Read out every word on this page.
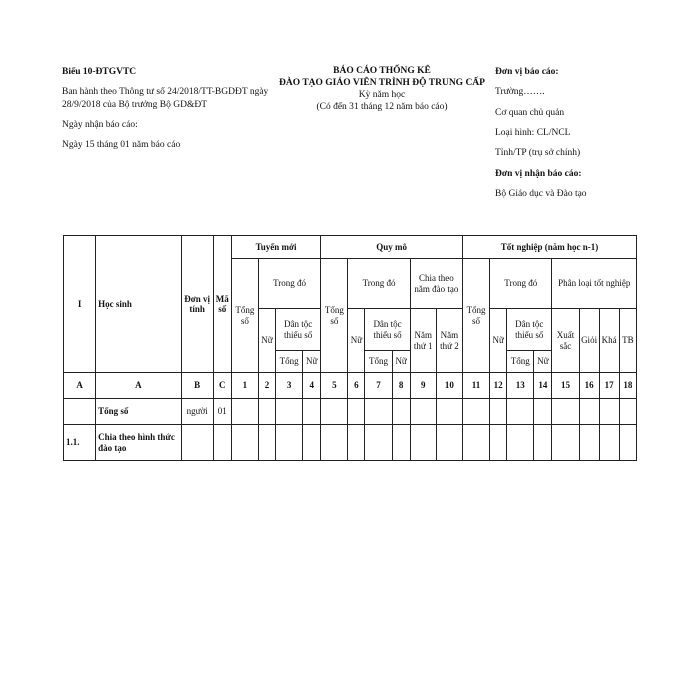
Biểu 10-ĐTGVTC
Ban hành theo Thông tư số 24/2018/TT-BGDĐT ngày 28/9/2018 của Bộ trưởng Bộ GD&ĐT
Ngày nhận báo cáo:
Ngày 15 tháng 01 năm báo cáo
BÁO CÁO THỐNG KÊ
ĐÀO TẠO GIÁO VIÊN TRÌNH ĐỘ TRUNG CẤP
Kỳ năm học
(Có đến 31 tháng 12 năm báo cáo)
Đơn vị báo cáo:
Trường…….
Cơ quan chủ quản
Loại hình: CL/NCL
Tỉnh/TP (trụ sở chính)
Đơn vị nhận báo cáo:
Bộ Giáo dục và Đào tạo
I	Học sinh	Đơn vị tính	Mã số	Tuyển mới				Quy mô						Tốt nghiệp (năm học n-1)							
				Tổng số	Trong đó			Tổng số	Trong đó			Chia theo năm đào tạo		Tổng số	Trong đó			Phân loại tốt nghiệp			
					Nữ	Dân tộc thiểu số			Nữ	Dân tộc thiểu số		Năm thứ 1	Năm thứ 2		Nữ	Dân tộc thiểu số		Xuất sắc	Giỏi	Khá	TB
						Tổng	Nữ			Tổng	Nữ					Tổng	Nữ				
A	A	B	C	1	2	3	4	5	6	7	8	9	10	11	12	13	14	15	16	17	18
	Tổng số	người	01																		
1.1.	Chia theo hình thức đào tạo																				
